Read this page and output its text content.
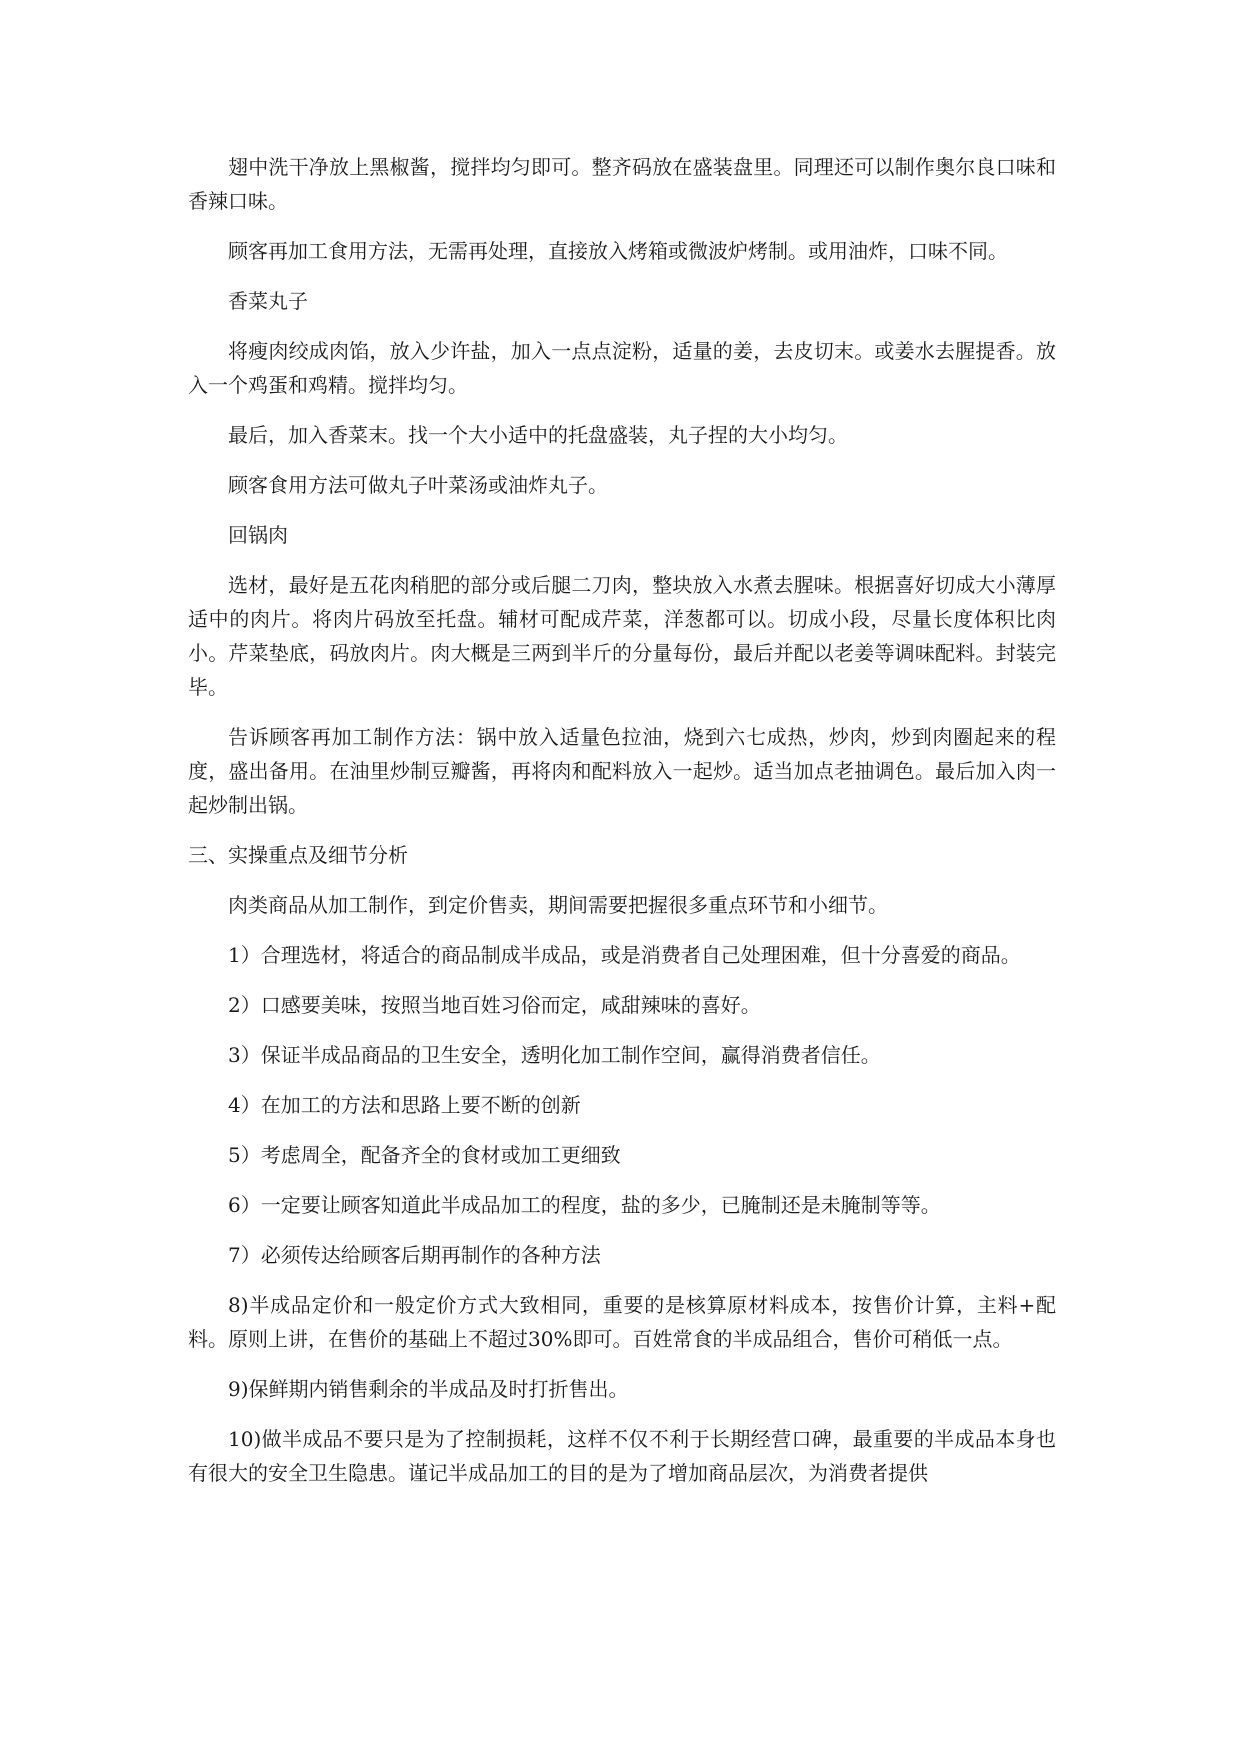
翅中洗干净放上黑椒酱，搅拌均匀即可。整齐码放在盛装盘里。同理还可以制作奥尔良口味和香辣口味。

顾客再加工食用方法，无需再处理，直接放入烤箱或微波炉烤制。或用油炸，口味不同。

香菜丸子

将瘦肉绞成肉馅，放入少许盐，加入一点点淀粉，适量的姜，去皮切末。或姜水去腥提香。放入一个鸡蛋和鸡精。搅拌均匀。

最后，加入香菜末。找一个大小适中的托盘盛装，丸子捏的大小均匀。

顾客食用方法可做丸子叶菜汤或油炸丸子。

回锅肉

选材，最好是五花肉稍肥的部分或后腿二刀肉，整块放入水煮去腥味。根据喜好切成大小薄厚适中的肉片。将肉片码放至托盘。辅材可配成芹菜，洋葱都可以。切成小段，尽量长度体积比肉小。芹菜垫底，码放肉片。肉大概是三两到半斤的分量每份，最后并配以老姜等调味配料。封装完毕。

告诉顾客再加工制作方法：锅中放入适量色拉油，烧到六七成热，炒肉，炒到肉圈起来的程度，盛出备用。在油里炒制豆瓣酱，再将肉和配料放入一起炒。适当加点老抽调色。最后加入肉一起炒制出锅。

三、实操重点及细节分析

肉类商品从加工制作，到定价售卖，期间需要把握很多重点环节和小细节。

1）合理选材，将适合的商品制成半成品，或是消费者自己处理困难，但十分喜爱的商品。

2）口感要美味，按照当地百姓习俗而定，咸甜辣味的喜好。

3）保证半成品商品的卫生安全，透明化加工制作空间，赢得消费者信任。

4）在加工的方法和思路上要不断的创新

5）考虑周全，配备齐全的食材或加工更细致

6）一定要让顾客知道此半成品加工的程度，盐的多少，已腌制还是未腌制等等。

7）必须传达给顾客后期再制作的各种方法

8)半成品定价和一般定价方式大致相同，重要的是核算原材料成本，按售价计算，主料+配料。原则上讲，在售价的基础上不超过30%即可。百姓常食的半成品组合，售价可稍低一点。

9)保鲜期内销售剩余的半成品及时打折售出。

10)做半成品不要只是为了控制损耗，这样不仅不利于长期经营口碑，最重要的半成品本身也有很大的安全卫生隐患。谨记半成品加工的目的是为了增加商品层次，为消费者提供
